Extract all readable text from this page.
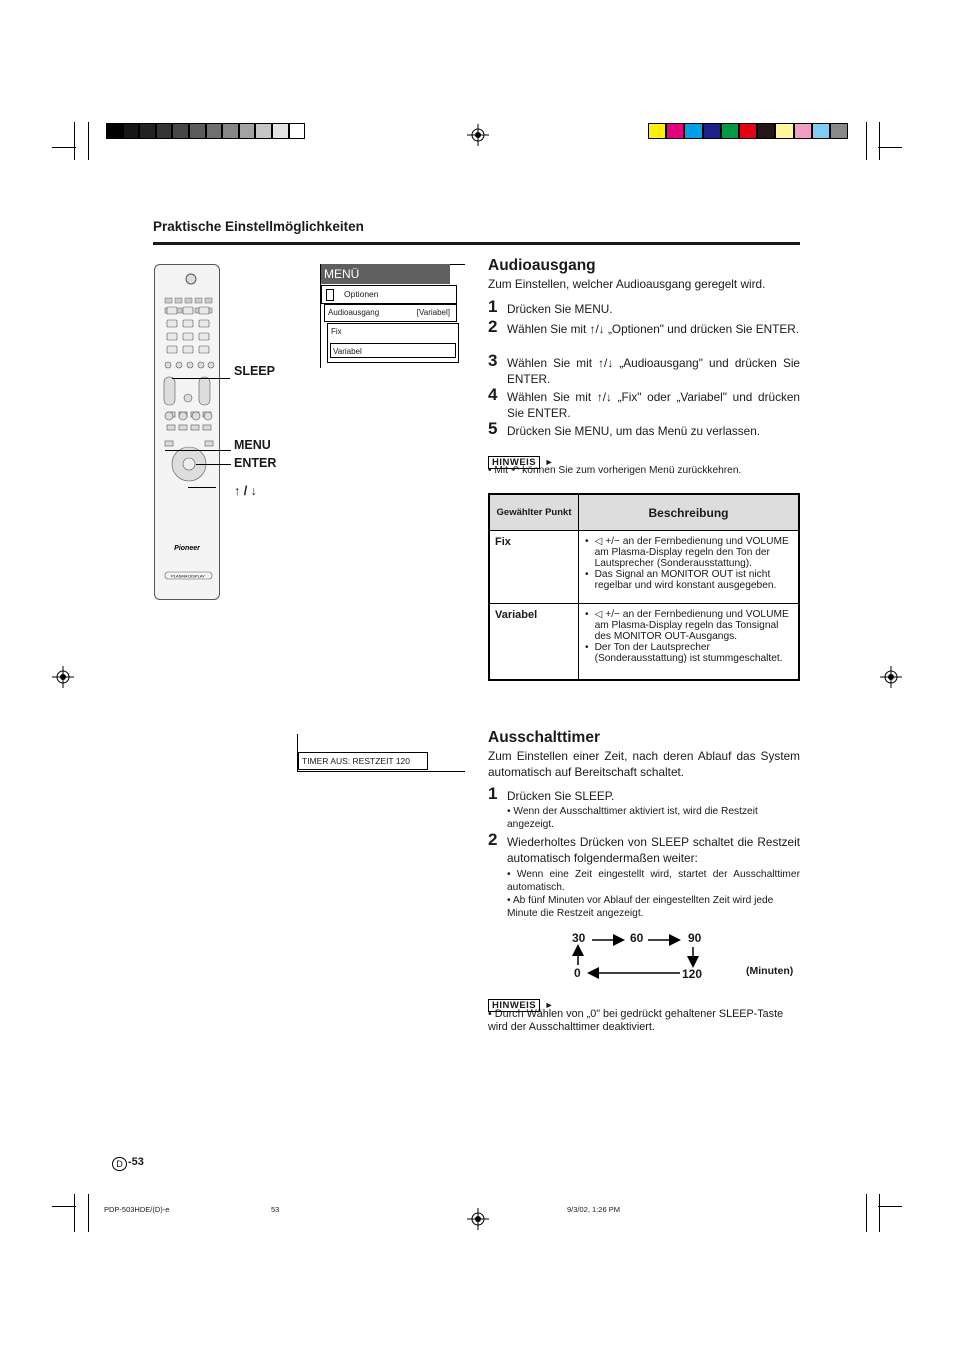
Praktische Einstellmöglichkeiten
Pioneer
PLASMA DISPLAY
SLEEP
MENU
ENTER
↑ / ↓
MENÜ
Optionen
Audioausgang	[Variabel]
Fix
Variabel
TIMER AUS: RESTZEIT 120
Audioausgang
Zum Einstellen, welcher Audioausgang geregelt wird.
1 Drücken Sie MENU.
2 Wählen Sie mit ↑/↓ „Optionen" und drücken Sie ENTER.
3 Wählen Sie mit ↑/↓ „Audioausgang" und drücken Sie ENTER.
4 Wählen Sie mit ↑/↓ „Fix" oder „Variabel" und drücken Sie ENTER.
5 Drücken Sie MENU, um das Menü zu verlassen.
HINWEIS ►
• Mit ↶ können Sie zum vorherigen Menü zurückkehren.
Gewählter Punkt	Beschreibung
Fix	• ◁ +/− an der Fernbedienung und VOLUME am Plasma-Display regeln den Ton der Lautsprecher (Sonderausstattung).
• Das Signal an MONITOR OUT ist nicht regelbar und wird konstant ausgegeben.

Variabel	• ◁ +/− an der Fernbedienung und VOLUME am Plasma-Display regeln das Tonsignal des MONITOR OUT-Ausgangs.
• Der Ton der Lautsprecher (Sonderausstattung) ist stummgeschaltet.
Ausschalttimer
Zum Einstellen einer Zeit, nach deren Ablauf das System automatisch auf Bereitschaft schaltet.
1 Drücken Sie SLEEP.
• Wenn der Ausschalttimer aktiviert ist, wird die Restzeit angezeigt.
2 Wiederholtes Drücken von SLEEP schaltet die Restzeit automatisch folgendermaßen weiter:
• Wenn eine Zeit eingestellt wird, startet der Ausschalttimer automatisch.
• Ab fünf Minuten vor Ablauf der eingestellten Zeit wird jede Minute die Restzeit angezeigt.
30	60	90
0	120	(Minuten)
HINWEIS ►
• Durch Wählen von „0" bei gedrückt gehaltener SLEEP-Taste wird der Ausschalttimer deaktiviert.
D -53
PDP-503HDE/(D)-e	53	9/3/02, 1:26 PM
